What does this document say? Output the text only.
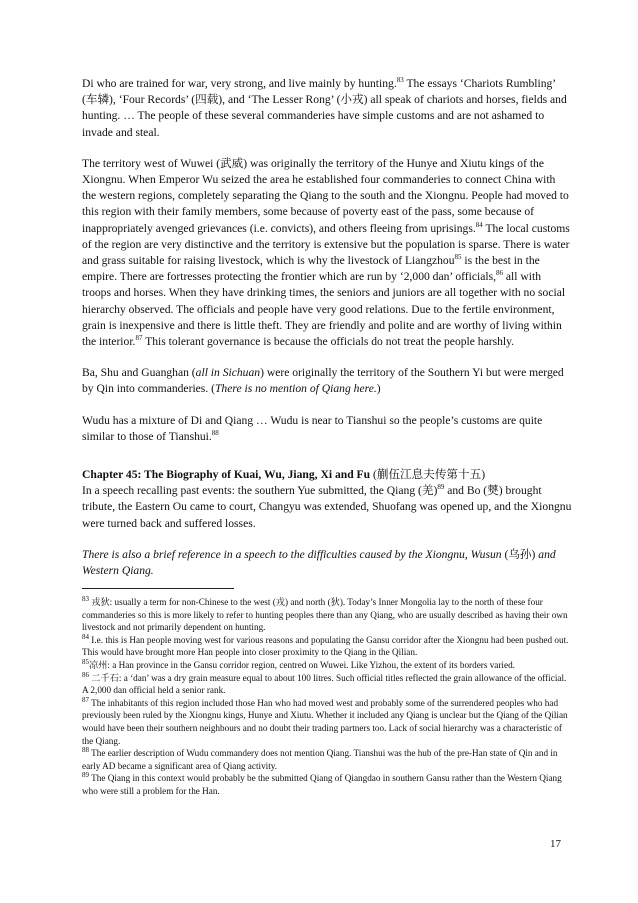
Di who are trained for war, very strong, and live mainly by hunting.$^{83}$ The essays ‘Chariots Rumbling’ (车辚), ‘Four Records’ (四载), and ‘The Lesser Rong’ (小戎) all speak of chariots and horses, fields and hunting. … The people of these several commanderies have simple customs and are not ashamed to invade and steal.

The territory west of Wuwei (武威) was originally the territory of the Hunye and Xiutu kings of the Xiongnu. When Emperor Wu seized the area he established four commanderies to connect China with the western regions, completely separating the Qiang to the south and the Xiongnu. People had moved to this region with their family members, some because of poverty east of the pass, some because of inappropriately avenged grievances (i.e. convicts), and others fleeing from uprisings.$^{84}$ The local customs of the region are very distinctive and the territory is extensive but the population is sparse. There is water and grass suitable for raising livestock, which is why the livestock of Liangzhou$^{85}$ is the best in the empire. There are fortresses protecting the frontier which are run by ‘2,000 dan’ officials,$^{86}$ all with troops and horses. When they have drinking times, the seniors and juniors are all together with no social hierarchy observed. The officials and people have very good relations. Due to the fertile environment, grain is inexpensive and there is little theft. They are friendly and polite and are worthy of living within the interior.$^{87}$ This tolerant governance is because the officials do not treat the people harshly.

Ba, Shu and Guanghan (all in Sichuan) were originally the territory of the Southern Yi but were merged by Qin into commanderies. (There is no mention of Qiang here.)

Wudu has a mixture of Di and Qiang … Wudu is near to Tianshui so the people’s customs are quite similar to those of Tianshui.$^{88}$

Chapter 45: The Biography of Kuai, Wu, Jiang, Xi and Fu (蒯伍江息夫传第十五)

In a speech recalling past events: the southern Yue submitted, the Qiang (羌)$^{89}$ and Bo (僰) brought tribute, the Eastern Ou came to court, Changyu was extended, Shuofang was opened up, and the Xiongnu were turned back and suffered losses.

There is also a brief reference in a speech to the difficulties caused by the Xiongnu, Wusun (乌孙) and Western Qiang.

$^{83}$ 戎狄: usually a term for non-Chinese to the west (戎) and north (狄). Today’s Inner Mongolia lay to the north of these four commanderies so this is more likely to refer to hunting peoples there than any Qiang, who are usually described as having their own livestock and not primarily dependent on hunting.

$^{84}$ I.e. this is Han people moving west for various reasons and populating the Gansu corridor after the Xiongnu had been pushed out. This would have brought more Han people into closer proximity to the Qiang in the Qilian.

$^{85}$凉州: a Han province in the Gansu corridor region, centred on Wuwei. Like Yizhou, the extent of its borders varied.

$^{86}$ 二千石: a ‘dan’ was a dry grain measure equal to about 100 litres. Such official titles reflected the grain allowance of the official. A 2,000 dan official held a senior rank.

$^{87}$ The inhabitants of this region included those Han who had moved west and probably some of the surrendered peoples who had previously been ruled by the Xiongnu kings, Hunye and Xiutu. Whether it included any Qiang is unclear but the Qiang of the Qilian would have been their southern neighbours and no doubt their trading partners too. Lack of social hierarchy was a characteristic of the Qiang.

$^{88}$ The earlier description of Wudu commandery does not mention Qiang. Tianshui was the hub of the pre-Han state of Qin and in early AD became a significant area of Qiang activity.

$^{89}$ The Qiang in this context would probably be the submitted Qiang of Qiangdao in southern Gansu rather than the Western Qiang who were still a problem for the Han.

17
